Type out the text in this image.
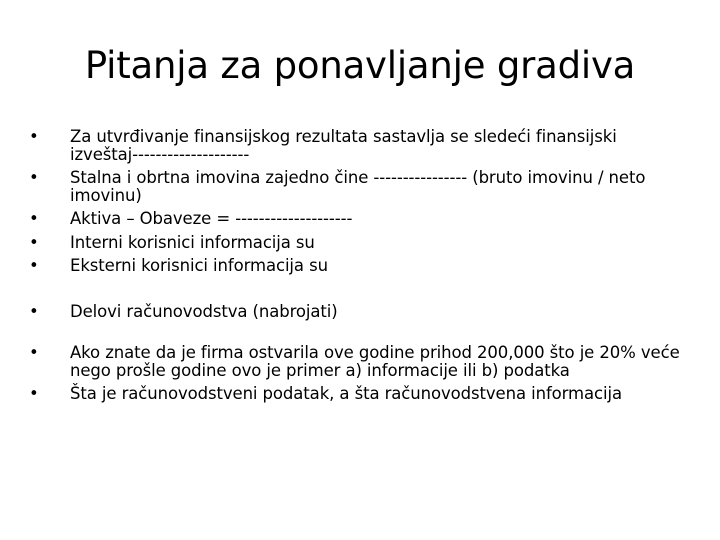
Pitanja za ponavljanje gradiva
• Za utvrđivanje finansijskog rezultata sastavlja se sledeći finansijski izveštaj--------------------
• Stalna i obrtna imovina zajedno čine ---------------- (bruto imovinu / neto imovinu)
• Aktiva – Obaveze = --------------------
• Interni korisnici informacija su
• Eksterni korisnici informacija su
• Delovi računovodstva (nabrojati)
• Ako znate da je firma ostvarila ove godine prihod 200,000 što je 20% veće nego prošle godine ovo je primer a) informacije ili b) podatka
• Šta je računovodstveni podatak, a šta računovodstvena informacija
